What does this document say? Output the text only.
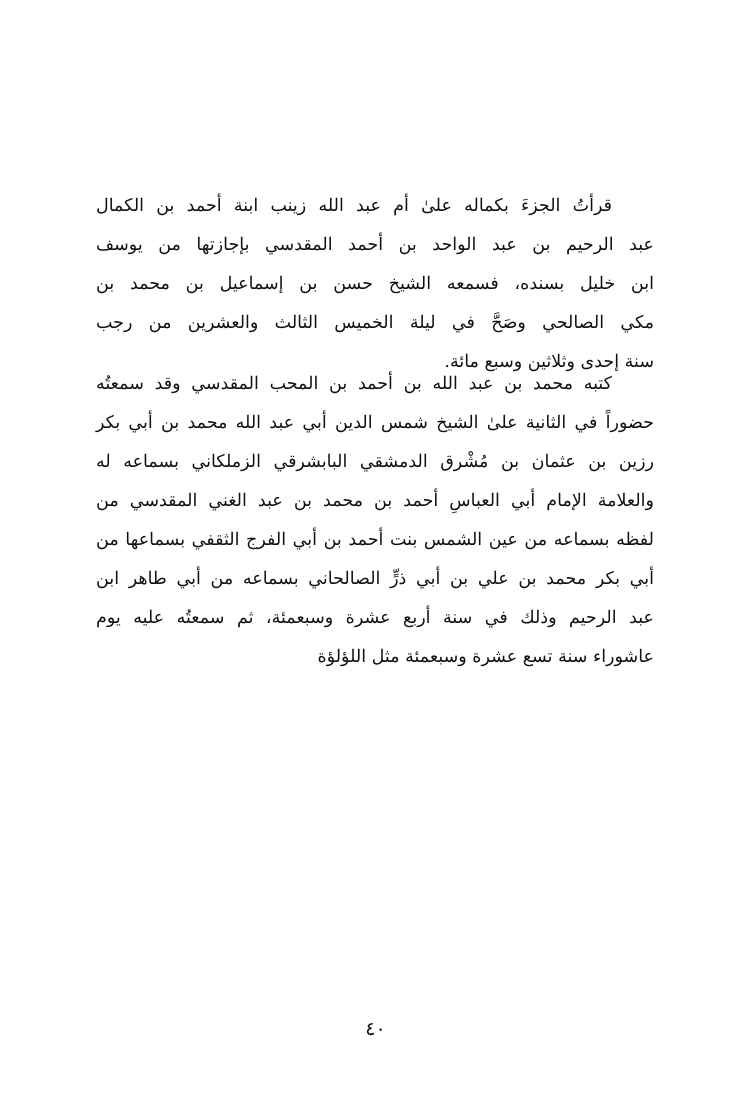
قرأتُ الجزءَ بكماله علىٰ أم عبد الله زينب ابنة أحمد بن الكمال
عبد الرحيم بن عبد الواحد بن أحمد المقدسي بإجازتها من يوسف
ابن خليل بسنده، فسمعه الشيخ حسن بن إسماعيل بن محمد بن
مكي الصالحي وصَحَّ في ليلة الخميس الثالث والعشرين من رجب
سنة إحدى وثلاثين وسبع مائة.
كتبه محمد بن عبد الله بن أحمد بن المحب المقدسي وقد سمعتُه
حضوراً في الثانية علىٰ الشيخ شمس الدين أبي عبد الله محمد بن أبي بكر
رزين بن عثمان بن مُشْرق الدمشقي البابشرقي الزملكاني بسماعه له
والعلامة الإمام أبي العباسِ أحمد بن محمد بن عبد الغني المقدسي من
لفظه بسماعه من عين الشمس بنت أحمد بن أبي الفرج الثقفي بسماعها من
أبي بكر محمد بن علي بن أبي ذرٍّ الصالحاني بسماعه من أبي طاهر ابن
عبد الرحيم وذلك في سنة أربع عشرة وسبعمئة، ثم سمعتُه عليه يوم
عاشوراء سنة تسع عشرة وسبعمئة مثل اللؤلؤة
٤٠
